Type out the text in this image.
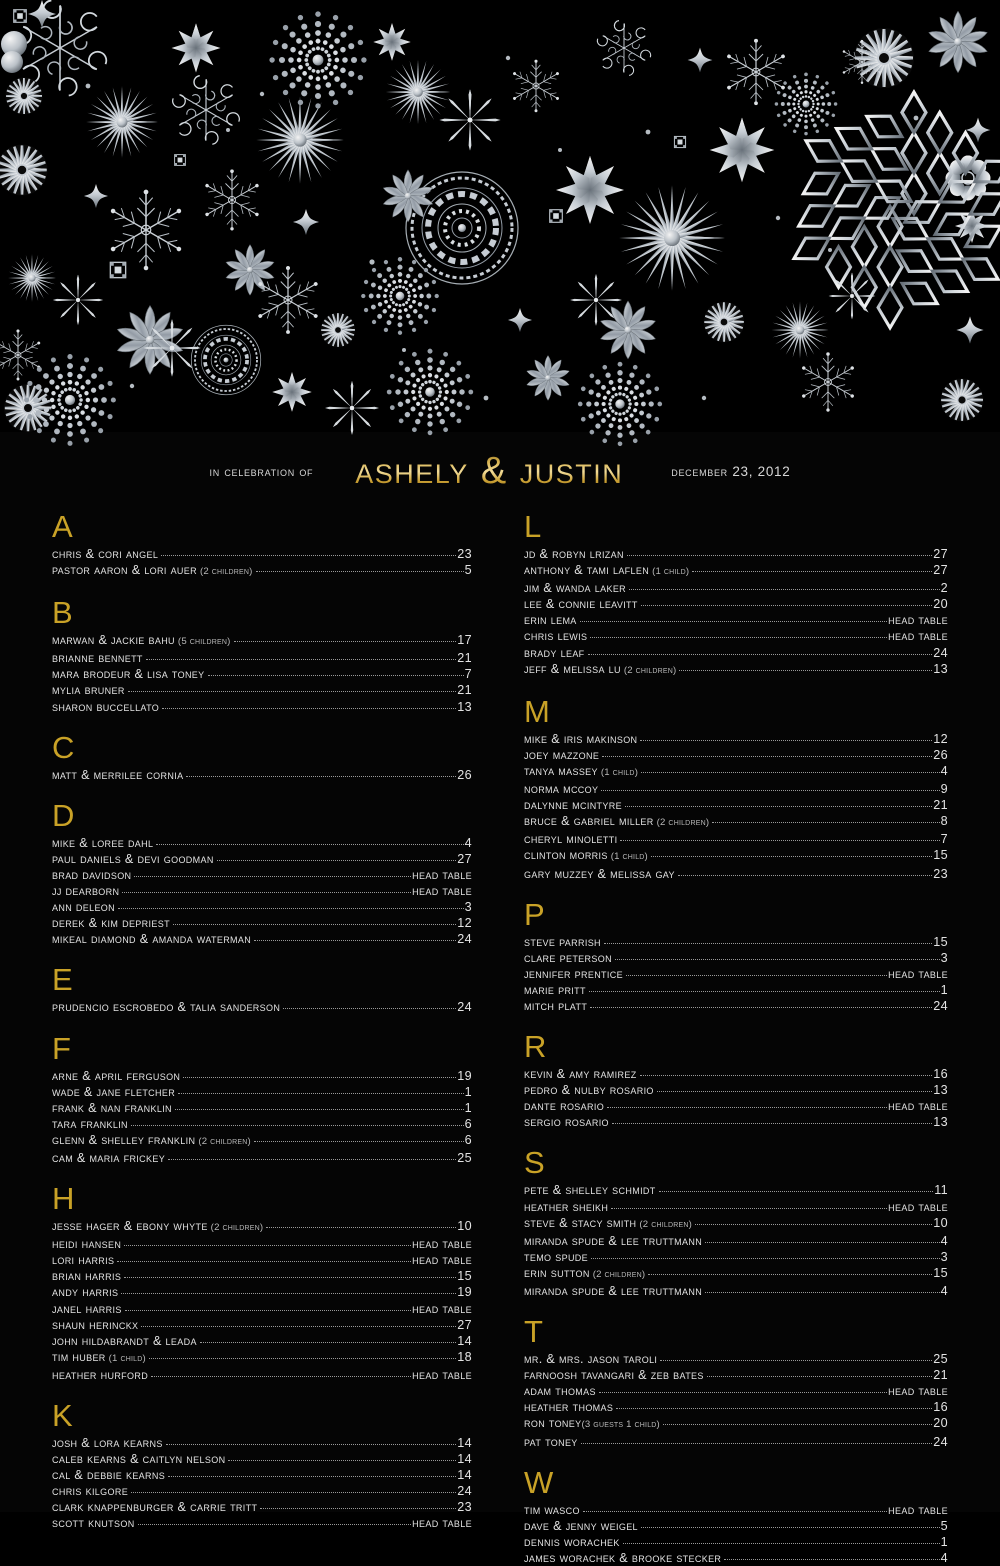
in celebration of ashely & justin	december 23, 2012
A
chris & cori angel	23
pastor aaron & lori auer (2 children)	5
B
marwan & jackie bahu (5 children)	17
brianne bennett	21
mara brodeur & lisa toney	7
mylia bruner	21
sharon buccellato	13
C
matt & merrilee cornia	26
D
mike & loree dahl	4
paul daniels & devi goodman	27
brad davidson	head table
jj dearborn	head table
ann deleon	3
derek & kim depriest	12
mikeal diamond & amanda waterman	24
E
prudencio escrobedo & talia sanderson	24
F
arne & april ferguson	19
wade & jane fletcher	1
frank & nan franklin	1
tara franklin	6
glenn & shelley franklin (2 children)	6
cam & maria frickey	25
H
jesse hager & ebony whyte (2 children)	10
heidi hansen	head table
lori harris	head table
brian harris	15
andy harris	19
janel harris	head table
shaun herinckx	27
john hildabrandt & leada	14
tim huber (1 child)	18
heather hurford	head table
K
josh & lora kearns	14
caleb kearns & caitlyn nelson	14
cal & debbie kearns	14
chris kilgore	24
clark knappenburger & carrie tritt	23
scott knutson	head table
L
jd & robyn lrizan	27
anthony & tami laflen (1 child)	27
jim & wanda laker	2
lee & connie leavitt	20
erin lema	head table
chris lewis	head table
brady leaf	24
jeff & melissa lu (2 children)	13
M
mike & iris makinson	12
joey mazzone	26
tanya massey (1 child)	4
norma mccoy	9
dalynne mcintyre	21
bruce & gabriel miller (2 children)	8
cheryl minoletti	7
clinton morris (1 child)	15
gary muzzey & melissa gay	23
P
steve parrish	15
clare peterson	3
jennifer prentice	head table
marie pritt	1
mitch platt	24
R
kevin & amy ramirez	16
pedro & nulby rosario	13
dante rosario	head table
sergio rosario	13
S
pete & shelley schmidt	11
heather sheikh	head table
steve & stacy smith (2 children)	10
miranda spude & lee truttmann	4
temo spude	3
erin sutton (2 children)	15
miranda spude & lee truttmann	4
T
mr. & mrs. jason taroli	25
farnoosh tavangari & zeb bates	21
adam thomas	head table
heather thomas	16
ron toney (3 guests 1 child)	20
pat toney	24
W
tim wasco	head table
dave & jenny weigel	5
dennis worachek	1
james worachek & brooke stecker	4
